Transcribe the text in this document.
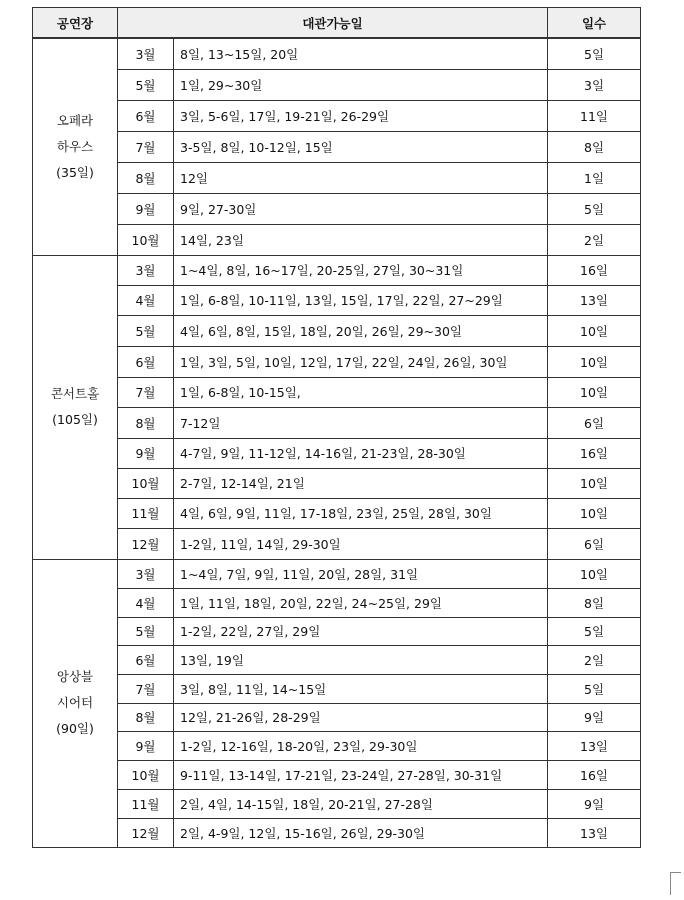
공연장	대관가능일		일수

오페라
하우스
(35일)	3월	8일, 13~15일, 20일	5일
	5월	1일, 29~30일	3일
	6월	3일, 5-6일, 17일, 19-21일, 26-29일	11일
	7월	3-5일, 8일, 10-12일, 15일	8일
	8월	12일	1일
	9월	9일, 27-30일	5일
	10월	14일, 23일	2일

콘서트홀
(105일)	3월	1~4일, 8일, 16~17일, 20-25일, 27일, 30~31일	16일
	4월	1일, 6-8일, 10-11일, 13일, 15일, 17일, 22일, 27~29일	13일
	5월	4일, 6일, 8일, 15일, 18일, 20일, 26일, 29~30일	10일
	6월	1일, 3일, 5일, 10일, 12일, 17일, 22일, 24일, 26일, 30일	10일
	7월	1일, 6-8일, 10-15일,	10일
	8월	7-12일	6일
	9월	4-7일, 9일, 11-12일, 14-16일, 21-23일, 28-30일	16일
	10월	2-7일, 12-14일, 21일	10일
	11월	4일, 6일, 9일, 11일, 17-18일, 23일, 25일, 28일, 30일	10일
	12월	1-2일, 11일, 14일, 29-30일	6일

앙상블
시어터
(90일)	3월	1~4일, 7일, 9일, 11일, 20일, 28일, 31일	10일
	4월	1일, 11일, 18일, 20일, 22일, 24~25일, 29일	8일
	5월	1-2일, 22일, 27일, 29일	5일
	6월	13일, 19일	2일
	7월	3일, 8일, 11일, 14~15일	5일
	8월	12일, 21-26일, 28-29일	9일
	9월	1-2일, 12-16일, 18-20일, 23일, 29-30일	13일
	10월	9-11일, 13-14일, 17-21일, 23-24일, 27-28일, 30-31일	16일
	11월	2일, 4일, 14-15일, 18일, 20-21일, 27-28일	9일
	12월	2일, 4-9일, 12일, 15-16일, 26일, 29-30일	13일
